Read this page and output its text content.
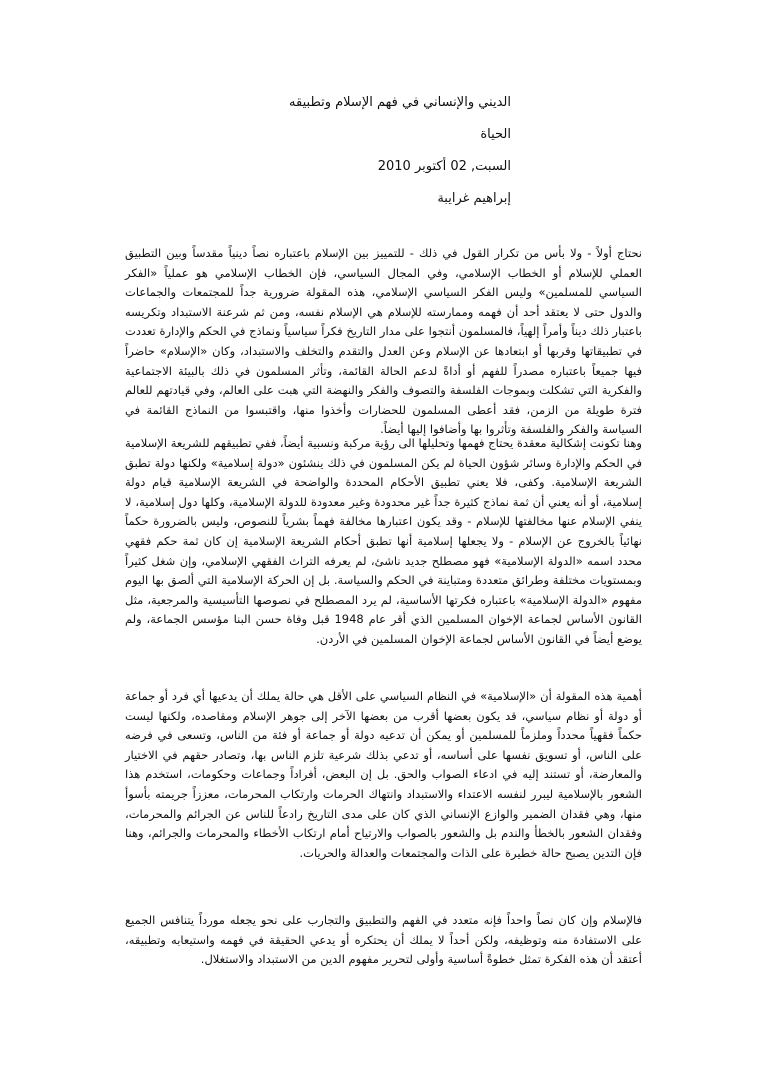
الديني والإنساني في فهم الإسلام وتطبيقه

الحياة

السبت, 02 أكتوبر 2010

إبراهيم غرايبة

نحتاج أولاً - ولا بأس من تكرار القول في ذلك - للتمييز بين الإسلام باعتباره نصاً دينياً مقدساً وبين التطبيق العملي للإسلام أو الخطاب الإسلامي، وفي المجال السياسي، فإن الخطاب الإسلامي هو عملياً «الفكر السياسي للمسلمين» وليس الفكر السياسي الإسلامي، هذه المقولة ضرورية جداً للمجتمعات والجماعات والدول حتى لا يعتقد أحد أن فهمه وممارسته للإسلام هي الإسلام نفسه، ومن ثم شرعنة الاستبداد وتكريسه باعتبار ذلك ديناً وأمراً إلهياً، فالمسلمون أنتجوا على مدار التاريخ فكراً سياسياً ونماذج في الحكم والإدارة تعددت في تطبيقاتها وقربها أو ابتعادها عن الإسلام وعن العدل والتقدم والتخلف والاستبداد، وكان «الإسلام» حاضراً فيها جميعاً باعتباره مصدراً للفهم أو أداةً لدعم الحالة القائمة، وتأثر المسلمون في ذلك بالبيئة الاجتماعية والفكرية التي تشكلت وبموجات الفلسفة والتصوف والفكر والنهضة التي هبت على العالم، وفي قيادتهم للعالم فترة طويلة من الزمن، فقد أعطى المسلمون للحضارات وأخذوا منها، واقتبسوا من النماذج القائمة في السياسة والفكر والفلسفة وتأثروا بها وأضافوا إليها أيضاً.

وهنا تكونت إشكالية معقدة يحتاج فهمها وتحليلها الى رؤية مركبة ونسبية أيضاً، ففي تطبيقهم للشريعة الإسلامية في الحكم والإدارة وسائر شؤون الحياة لم يكن المسلمون في ذلك ينشئون «دولة إسلامية» ولكنها دولة تطبق الشريعة الإسلامية. وكفى، فلا يعني تطبيق الأحكام المحددة والواضحة في الشريعة الإسلامية قيام دولة إسلامية، أو أنه يعني أن ثمة نماذج كثيرة جداً غير محدودة وغير معدودة للدولة الإسلامية، وكلها دول إسلامية، لا ينفي الإسلام عنها مخالفتها للإسلام - وقد يكون اعتبارها مخالفة فهماً بشرياً للنصوص، وليس بالضرورة حكماً نهائياً بالخروج عن الإسلام - ولا يجعلها إسلامية أنها تطبق أحكام الشريعة الإسلامية إن كان ثمة حكم فقهي محدد اسمه «الدولة الإسلامية» فهو مصطلح جديد ناشئ، لم يعرفه التراث الفقهي الإسلامي، وإن شغل كثيراً وبمستويات مختلفة وطرائق متعددة ومتباينة في الحكم والسياسة. بل إن الحركة الإسلامية التي ألصق بها اليوم مفهوم «الدولة الإسلامية» باعتباره فكرتها الأساسية، لم يرد المصطلح في نصوصها التأسيسية والمرجعية، مثل القانون الأساس لجماعة الإخوان المسلمين الذي أقر عام 1948 قبل وفاة حسن البنا مؤسس الجماعة، ولم يوضع أيضاً في القانون الأساس لجماعة الإخوان المسلمين في الأردن.

أهمية هذه المقولة أن «الإسلامية» في النظام السياسي على الأقل هي حالة يملك أن يدعيها أي فرد أو جماعة أو دولة أو نظام سياسي، قد يكون بعضها أقرب من بعضها الآخر إلى جوهر الإسلام ومقاصده، ولكنها ليست حكماً فقهياً محدداً وملزماً للمسلمين أو يمكن أن تدعيه دولة أو جماعة أو فئة من الناس، وتسعى في فرضه على الناس، أو تسويق نفسها على أساسه، أو تدعي بذلك شرعية تلزم الناس بها، وتصادر حقهم في الاختيار والمعارضة، أو تستند إليه في ادعاء الصواب والحق. بل إن البعض، أفراداً وجماعات وحكومات، استخدم هذا الشعور بالإسلامية ليبرر لنفسه الاعتداء والاستبداد وانتهاك الحرمات وارتكاب المحرمات، معززاً جريمته بأسوأ منها، وهي فقدان الضمير والوازع الإنساني الذي كان على مدى التاريخ رادعاً للناس عن الجرائم والمحرمات، وفقدان الشعور بالخطأ والندم بل والشعور بالصواب والارتياح أمام ارتكاب الأخطاء والمحرمات والجرائم، وهنا فإن التدين يصبح حالة خطيرة على الذات والمجتمعات والعدالة والحريات.

فالإسلام وإن كان نصاً واحداً فإنه متعدد في الفهم والتطبيق والتجارب على نحو يجعله مورداً يتنافس الجميع على الاستفادة منه وتوظيفه، ولكن أحداً لا يملك أن يحتكره أو يدعي الحقيقة في فهمه واستيعابه وتطبيقه، أعتقد أن هذه الفكرة تمثل خطوةً أساسية وأولى لتحرير مفهوم الدين من الاستبداد والاستغلال.
